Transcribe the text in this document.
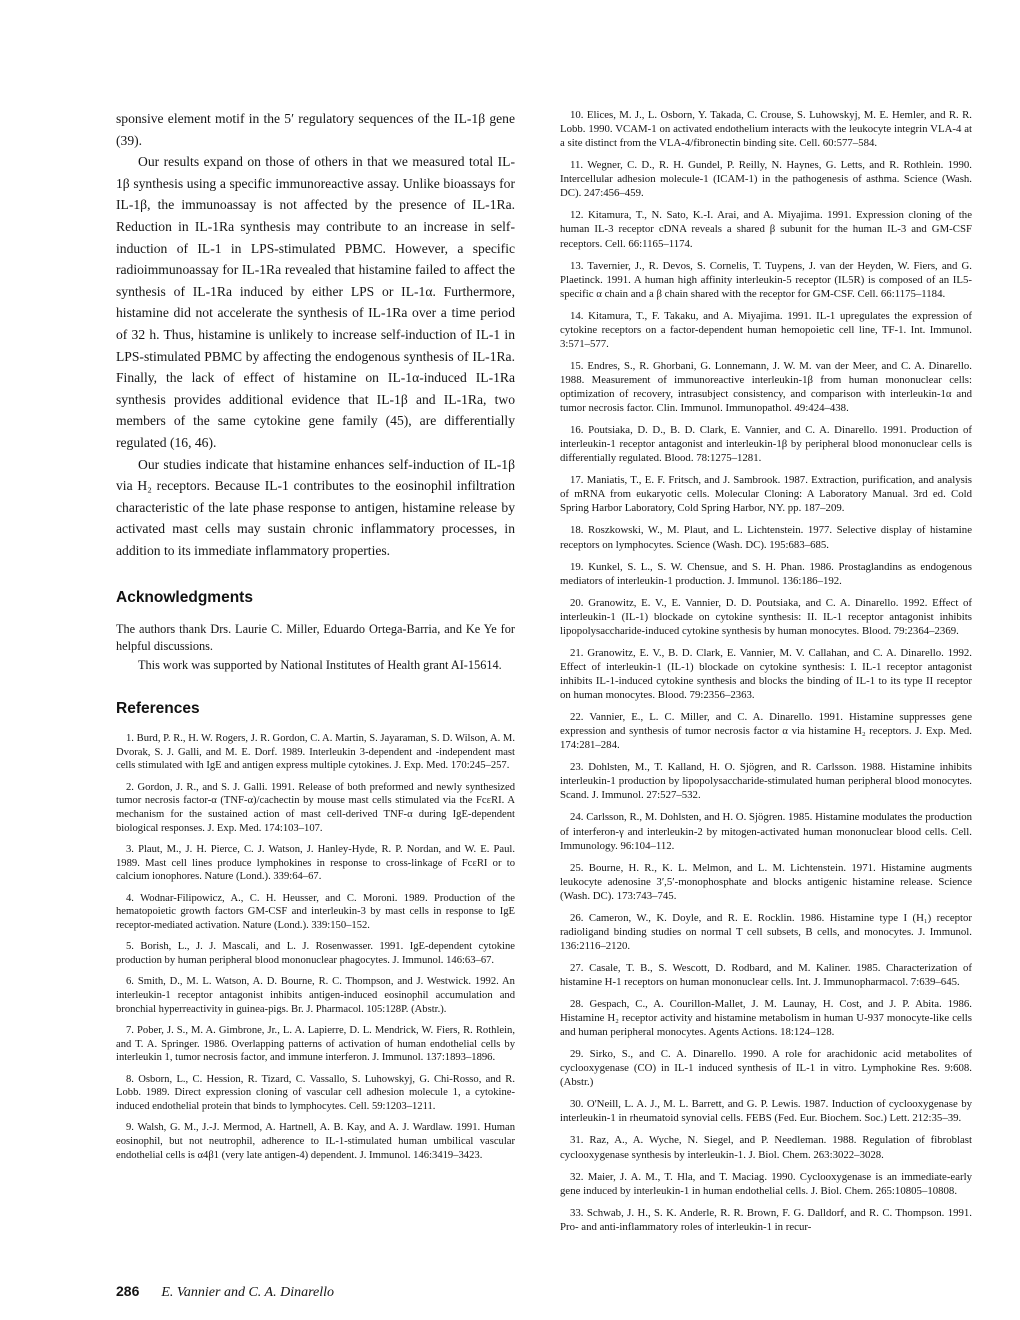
sponsive element motif in the 5′ regulatory sequences of the IL-1β gene (39).

Our results expand on those of others in that we measured total IL-1β synthesis using a specific immunoreactive assay. Unlike bioassays for IL-1β, the immunoassay is not affected by the presence of IL-1Ra. Reduction in IL-1Ra synthesis may contribute to an increase in self-induction of IL-1 in LPS-stimulated PBMC. However, a specific radioimmunoassay for IL-1Ra revealed that histamine failed to affect the synthesis of IL-1Ra induced by either LPS or IL-1α. Furthermore, histamine did not accelerate the synthesis of IL-1Ra over a time period of 32 h. Thus, histamine is unlikely to increase self-induction of IL-1 in LPS-stimulated PBMC by affecting the endogenous synthesis of IL-1Ra. Finally, the lack of effect of histamine on IL-1α-induced IL-1Ra synthesis provides additional evidence that IL-1β and IL-1Ra, two members of the same cytokine gene family (45), are differentially regulated (16, 46).

Our studies indicate that histamine enhances self-induction of IL-1β via H₂ receptors. Because IL-1 contributes to the eosinophil infiltration characteristic of the late phase response to antigen, histamine release by activated mast cells may sustain chronic inflammatory processes, in addition to its immediate inflammatory properties.

Acknowledgments

The authors thank Drs. Laurie C. Miller, Eduardo Ortega-Barria, and Ke Ye for helpful discussions.

This work was supported by National Institutes of Health grant AI-15614.

References
1. Burd, P. R., H. W. Rogers, J. R. Gordon, C. A. Martin, S. Jayaraman, S. D. Wilson, A. M. Dvorak, S. J. Galli, and M. E. Dorf. 1989. Interleukin 3-dependent and -independent mast cells stimulated with IgE and antigen express multiple cytokines. J. Exp. Med. 170:245–257.
2. Gordon, J. R., and S. J. Galli. 1991. Release of both preformed and newly synthesized tumor necrosis factor-α (TNF-α)/cachectin by mouse mast cells stimulated via the FcεRI. A mechanism for the sustained action of mast cell-derived TNF-α during IgE-dependent biological responses. J. Exp. Med. 174:103–107.
3. Plaut, M., J. H. Pierce, C. J. Watson, J. Hanley-Hyde, R. P. Nordan, and W. E. Paul. 1989. Mast cell lines produce lymphokines in response to cross-linkage of FcεRI or to calcium ionophores. Nature (Lond.). 339:64–67.
4. Wodnar-Filipowicz, A., C. H. Heusser, and C. Moroni. 1989. Production of the hematopoietic growth factors GM-CSF and interleukin-3 by mast cells in response to IgE receptor-mediated activation. Nature (Lond.). 339:150–152.
5. Borish, L., J. J. Mascali, and L. J. Rosenwasser. 1991. IgE-dependent cytokine production by human peripheral blood mononuclear phagocytes. J. Immunol. 146:63–67.
6. Smith, D., M. L. Watson, A. D. Bourne, R. C. Thompson, and J. Westwick. 1992. An interleukin-1 receptor antagonist inhibits antigen-induced eosinophil accumulation and bronchial hyperreactivity in guinea-pigs. Br. J. Pharmacol. 105:128P. (Abstr.).
7. Pober, J. S., M. A. Gimbrone, Jr., L. A. Lapierre, D. L. Mendrick, W. Fiers, R. Rothlein, and T. A. Springer. 1986. Overlapping patterns of activation of human endothelial cells by interleukin 1, tumor necrosis factor, and immune interferon. J. Immunol. 137:1893–1896.
8. Osborn, L., C. Hession, R. Tizard, C. Vassallo, S. Luhowskyj, G. Chi-Rosso, and R. Lobb. 1989. Direct expression cloning of vascular cell adhesion molecule 1, a cytokine-induced endothelial protein that binds to lymphocytes. Cell. 59:1203–1211.
9. Walsh, G. M., J.-J. Mermod, A. Hartnell, A. B. Kay, and A. J. Wardlaw. 1991. Human eosinophil, but not neutrophil, adherence to IL-1-stimulated human umbilical vascular endothelial cells is α4β1 (very late antigen-4) dependent. J. Immunol. 146:3419–3423.
10. Elices, M. J., L. Osborn, Y. Takada, C. Crouse, S. Luhowskyj, M. E. Hemler, and R. R. Lobb. 1990. VCAM-1 on activated endothelium interacts with the leukocyte integrin VLA-4 at a site distinct from the VLA-4/fibronectin binding site. Cell. 60:577–584.
11. Wegner, C. D., R. H. Gundel, P. Reilly, N. Haynes, G. Letts, and R. Rothlein. 1990. Intercellular adhesion molecule-1 (ICAM-1) in the pathogenesis of asthma. Science (Wash. DC). 247:456–459.
12. Kitamura, T., N. Sato, K.-I. Arai, and A. Miyajima. 1991. Expression cloning of the human IL-3 receptor cDNA reveals a shared β subunit for the human IL-3 and GM-CSF receptors. Cell. 66:1165–1174.
13. Tavernier, J., R. Devos, S. Cornelis, T. Tuypens, J. van der Heyden, W. Fiers, and G. Plaetinck. 1991. A human high affinity interleukin-5 receptor (IL5R) is composed of an IL5-specific α chain and a β chain shared with the receptor for GM-CSF. Cell. 66:1175–1184.
14. Kitamura, T., F. Takaku, and A. Miyajima. 1991. IL-1 upregulates the expression of cytokine receptors on a factor-dependent human hemopoietic cell line, TF-1. Int. Immunol. 3:571–577.
15. Endres, S., R. Ghorbani, G. Lonnemann, J. W. M. van der Meer, and C. A. Dinarello. 1988. Measurement of immunoreactive interleukin-1β from human mononuclear cells: optimization of recovery, intrasubject consistency, and comparison with interleukin-1α and tumor necrosis factor. Clin. Immunol. Immunopathol. 49:424–438.
16. Poutsiaka, D. D., B. D. Clark, E. Vannier, and C. A. Dinarello. 1991. Production of interleukin-1 receptor antagonist and interleukin-1β by peripheral blood mononuclear cells is differentially regulated. Blood. 78:1275–1281.
17. Maniatis, T., E. F. Fritsch, and J. Sambrook. 1987. Extraction, purification, and analysis of mRNA from eukaryotic cells. Molecular Cloning: A Laboratory Manual. 3rd ed. Cold Spring Harbor Laboratory, Cold Spring Harbor, NY. pp. 187–209.
18. Roszkowski, W., M. Plaut, and L. Lichtenstein. 1977. Selective display of histamine receptors on lymphocytes. Science (Wash. DC). 195:683–685.
19. Kunkel, S. L., S. W. Chensue, and S. H. Phan. 1986. Prostaglandins as endogenous mediators of interleukin-1 production. J. Immunol. 136:186–192.
20. Granowitz, E. V., E. Vannier, D. D. Poutsiaka, and C. A. Dinarello. 1992. Effect of interleukin-1 (IL-1) blockade on cytokine synthesis: II. IL-1 receptor antagonist inhibits lipopolysaccharide-induced cytokine synthesis by human monocytes. Blood. 79:2364–2369.
21. Granowitz, E. V., B. D. Clark, E. Vannier, M. V. Callahan, and C. A. Dinarello. 1992. Effect of interleukin-1 (IL-1) blockade on cytokine synthesis: I. IL-1 receptor antagonist inhibits IL-1-induced cytokine synthesis and blocks the binding of IL-1 to its type II receptor on human monocytes. Blood. 79:2356–2363.
22. Vannier, E., L. C. Miller, and C. A. Dinarello. 1991. Histamine suppresses gene expression and synthesis of tumor necrosis factor α via histamine H₂ receptors. J. Exp. Med. 174:281–284.
23. Dohlsten, M., T. Kalland, H. O. Sjögren, and R. Carlsson. 1988. Histamine inhibits interleukin-1 production by lipopolysaccharide-stimulated human peripheral blood monocytes. Scand. J. Immunol. 27:527–532.
24. Carlsson, R., M. Dohlsten, and H. O. Sjögren. 1985. Histamine modulates the production of interferon-γ and interleukin-2 by mitogen-activated human mononuclear blood cells. Cell. Immunology. 96:104–112.
25. Bourne, H. R., K. L. Melmon, and L. M. Lichtenstein. 1971. Histamine augments leukocyte adenosine 3′,5′-monophosphate and blocks antigenic histamine release. Science (Wash. DC). 173:743–745.
26. Cameron, W., K. Doyle, and R. E. Rocklin. 1986. Histamine type I (H₁) receptor radioligand binding studies on normal T cell subsets, B cells, and monocytes. J. Immunol. 136:2116–2120.
27. Casale, T. B., S. Wescott, D. Rodbard, and M. Kaliner. 1985. Characterization of histamine H-1 receptors on human mononuclear cells. Int. J. Immunopharmacol. 7:639–645.
28. Gespach, C., A. Courillon-Mallet, J. M. Launay, H. Cost, and J. P. Abita. 1986. Histamine H₂ receptor activity and histamine metabolism in human U-937 monocyte-like cells and human peripheral monocytes. Agents Actions. 18:124–128.
29. Sirko, S., and C. A. Dinarello. 1990. A role for arachidonic acid metabolites of cyclooxygenase (CO) in IL-1 induced synthesis of IL-1 in vitro. Lymphokine Res. 9:608. (Abstr.)
30. O'Neill, L. A. J., M. L. Barrett, and G. P. Lewis. 1987. Induction of cyclooxygenase by interleukin-1 in rheumatoid synovial cells. FEBS (Fed. Eur. Biochem. Soc.) Lett. 212:35–39.
31. Raz, A., A. Wyche, N. Siegel, and P. Needleman. 1988. Regulation of fibroblast cyclooxygenase synthesis by interleukin-1. J. Biol. Chem. 263:3022–3028.
32. Maier, J. A. M., T. Hla, and T. Maciag. 1990. Cyclooxygenase is an immediate-early gene induced by interleukin-1 in human endothelial cells. J. Biol. Chem. 265:10805–10808.
33. Schwab, J. H., S. K. Anderle, R. R. Brown, F. G. Dalldorf, and R. C. Thompson. 1991. Pro- and anti-inflammatory roles of interleukin-1 in recur-
286 E. Vannier and C. A. Dinarello
